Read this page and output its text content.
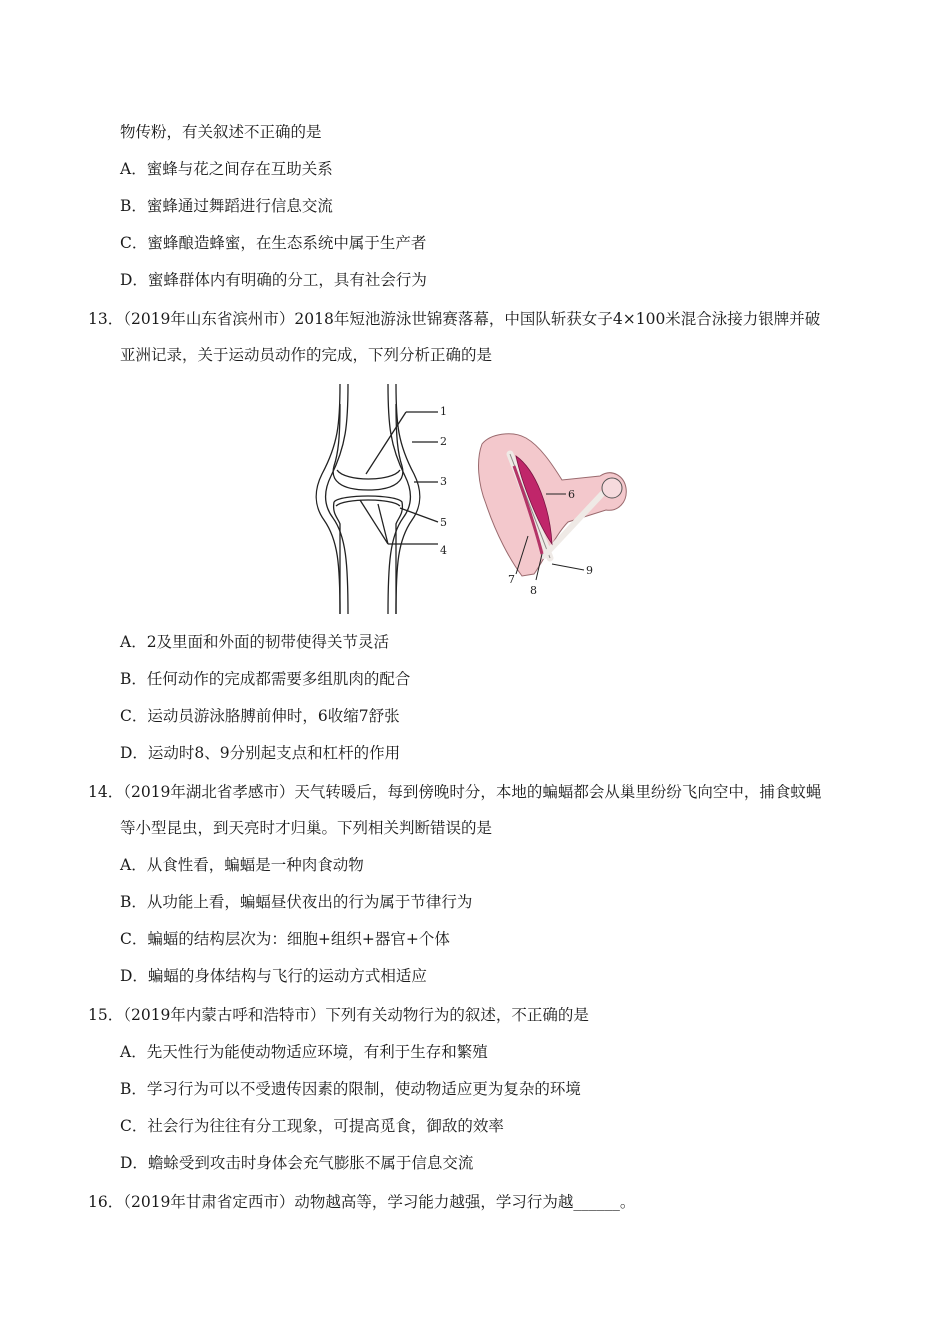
物传粉，有关叙述不正确的是
A．蜜蜂与花之间存在互助关系
B．蜜蜂通过舞蹈进行信息交流
C．蜜蜂酿造蜂蜜，在生态系统中属于生产者
D．蜜蜂群体内有明确的分工，具有社会行为
13．（2019年山东省滨州市）2018年短池游泳世锦赛落幕，中国队斩获女子4×100米混合泳接力银牌并破
亚洲记录，关于运动员动作的完成，下列分析正确的是
1
2
3
4
5
6
7
8
9
A．2及里面和外面的韧带使得关节灵活
B．任何动作的完成都需要多组肌肉的配合
C．运动员游泳胳膊前伸时，6收缩7舒张
D．运动时8、9分别起支点和杠杆的作用
14．（2019年湖北省孝感市）天气转暖后，每到傍晚时分，本地的蝙蝠都会从巢里纷纷飞向空中，捕食蚊蝇
等小型昆虫，到天亮时才归巢。下列相关判断错误的是
A．从食性看，蝙蝠是一种肉食动物
B．从功能上看，蝙蝠昼伏夜出的行为属于节律行为
C．蝙蝠的结构层次为：细胞+组织+器官+个体
D．蝙蝠的身体结构与飞行的运动方式相适应
15．（2019年内蒙古呼和浩特市）下列有关动物行为的叙述，不正确的是
A．先天性行为能使动物适应环境，有利于生存和繁殖
B．学习行为可以不受遗传因素的限制，使动物适应更为复杂的环境
C．社会行为往往有分工现象，可提高觅食，御敌的效率
D．蟾蜍受到攻击时身体会充气膨胀不属于信息交流
16．（2019年甘肃省定西市）动物越高等，学习能力越强，学习行为越______。
